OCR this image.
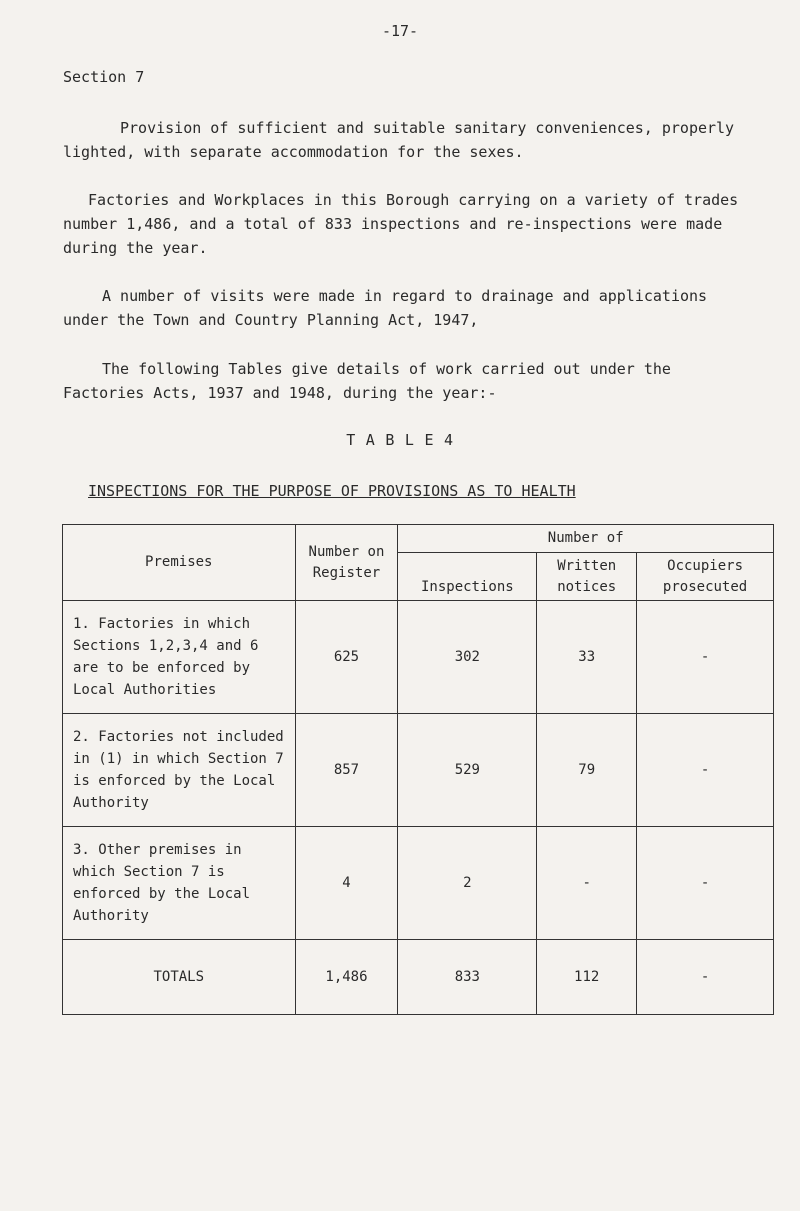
-17-
Section 7
Provision of sufficient and suitable sanitary conveniences, properly lighted, with separate accommodation for the sexes.
Factories and Workplaces in this Borough carrying on a variety of trades number 1,486, and a total of 833 inspections and re-inspections were made during the year.
A number of visits were made in regard to drainage and applications under the Town and Country Planning Act, 1947,
The following Tables give details of work carried out under the Factories Acts, 1937 and 1948, during the year:-
T A B L E 4
INSPECTIONS FOR THE PURPOSE OF PROVISIONS AS TO HEALTH
Premises	Number on Register	Number of		
		Inspections	Written notices	Occupiers prosecuted
1. Factories in which Sections 1,2,3,4 and 6 are to be enforced by Local Authorities	625	302	33	-
2. Factories not included in (1) in which Section 7 is enforced by the Local Authority	857	529	79	-
3. Other premises in which Section 7 is enforced by the Local Authority	4	2	-	-
TOTALS	1,486	833	112	-
